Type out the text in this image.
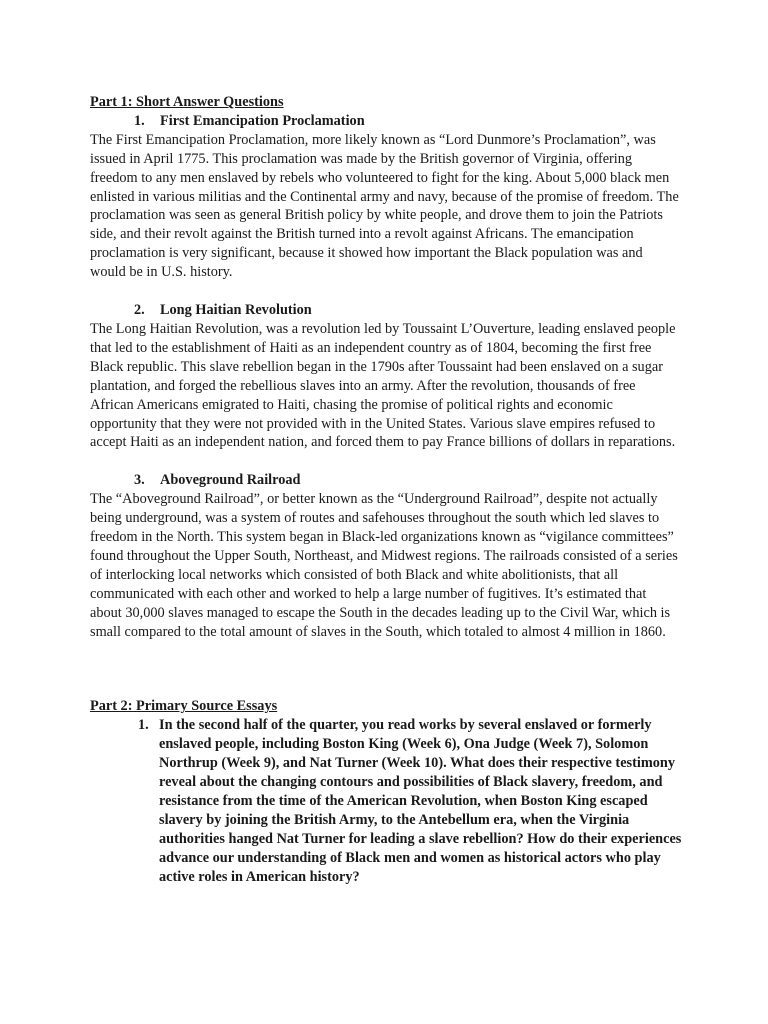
Part 1: Short Answer Questions
1.	First Emancipation Proclamation

The First Emancipation Proclamation, more likely known as “Lord Dunmore’s Proclamation”, was issued in April 1775. This proclamation was made by the British governor of Virginia, offering freedom to any men enslaved by rebels who volunteered to fight for the king. About 5,000 black men enlisted in various militias and the Continental army and navy, because of the promise of freedom. The proclamation was seen as general British policy by white people, and drove them to join the Patriots side, and their revolt against the British turned into a revolt against Africans. The emancipation proclamation is very significant, because it showed how important the Black population was and would be in U.S. history.

2.	Long Haitian Revolution

The Long Haitian Revolution, was a revolution led by Toussaint L’Ouverture, leading enslaved people that led to the establishment of Haiti as an independent country as of 1804, becoming the first free Black republic. This slave rebellion began in the 1790s after Toussaint had been enslaved on a sugar plantation, and forged the rebellious slaves into an army. After the revolution, thousands of free African Americans emigrated to Haiti, chasing the promise of political rights and economic opportunity that they were not provided with in the United States. Various slave empires refused to accept Haiti as an independent nation, and forced them to pay France billions of dollars in reparations.

3.	Aboveground Railroad

The “Aboveground Railroad”, or better known as the “Underground Railroad”, despite not actually being underground, was a system of routes and safehouses throughout the south which led slaves to freedom in the North. This system began in Black-led organizations known as “vigilance committees” found throughout the Upper South, Northeast, and Midwest regions. The railroads consisted of a series of interlocking local networks which consisted of both Black and white abolitionists, that all communicated with each other and worked to help a large number of fugitives. It’s estimated that about 30,000 slaves managed to escape the South in the decades leading up to the Civil War, which is small compared to the total amount of slaves in the South, which totaled to almost 4 million in 1860.

Part 2: Primary Source Essays
1. In the second half of the quarter, you read works by several enslaved or formerly enslaved people, including Boston King (Week 6), Ona Judge (Week 7), Solomon Northrup (Week 9), and Nat Turner (Week 10). What does their respective testimony reveal about the changing contours and possibilities of Black slavery, freedom, and resistance from the time of the American Revolution, when Boston King escaped slavery by joining the British Army, to the Antebellum era, when the Virginia authorities hanged Nat Turner for leading a slave rebellion? How do their experiences advance our understanding of Black men and women as historical actors who play active roles in American history?
